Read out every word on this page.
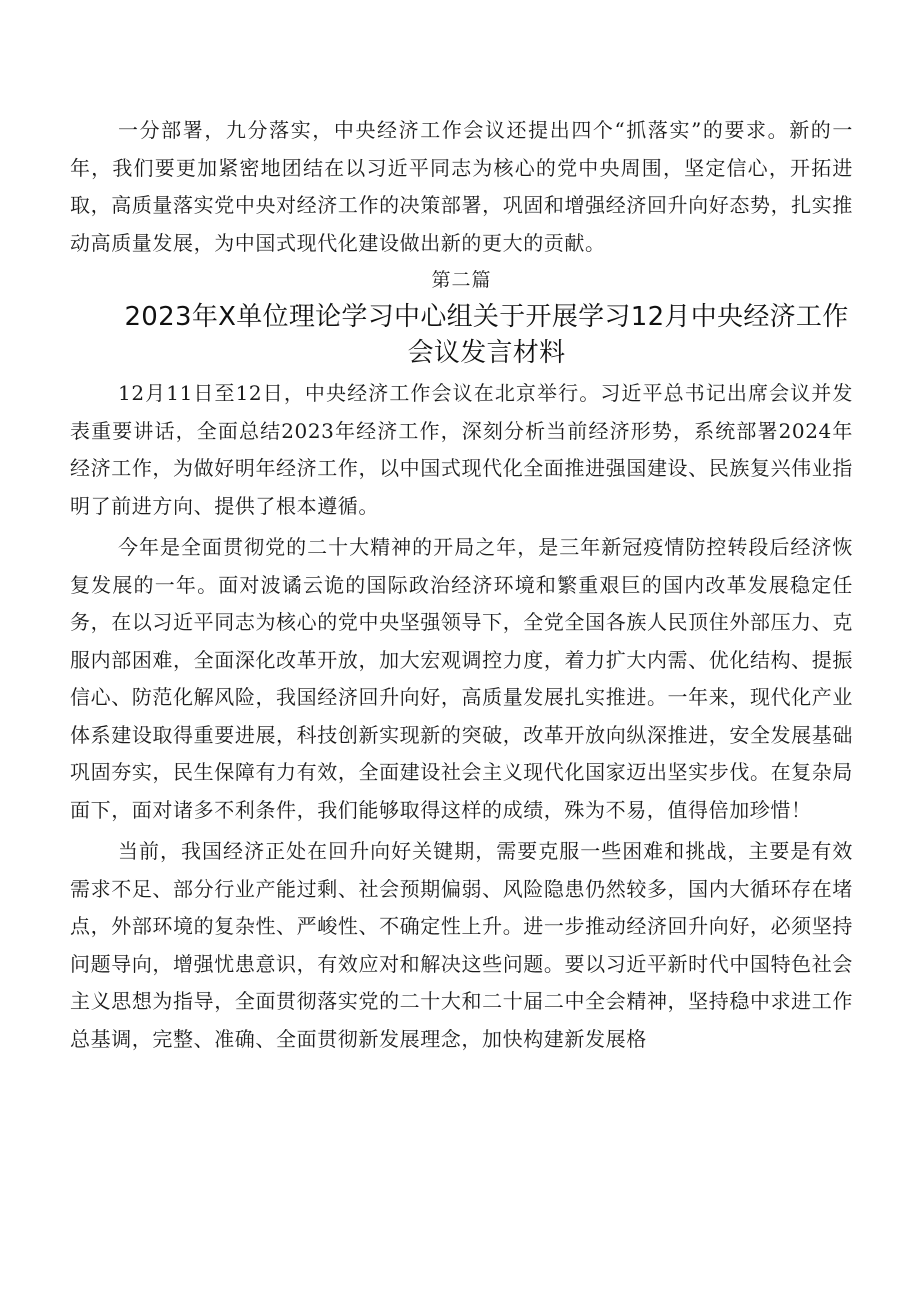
一分部署，九分落实，中央经济工作会议还提出四个“抓落实”的要求。新的一年，我们要更加紧密地团结在以习近平同志为核心的党中央周围，坚定信心，开拓进取，高质量落实党中央对经济工作的决策部署，巩固和增强经济回升向好态势，扎实推动高质量发展，为中国式现代化建设做出新的更大的贡献。

第二篇

2023年X单位理论学习中心组关于开展学习12月中央经济工作会议发言材料

12月11日至12日，中央经济工作会议在北京举行。习近平总书记出席会议并发表重要讲话，全面总结2023年经济工作，深刻分析当前经济形势，系统部署2024年经济工作，为做好明年经济工作，以中国式现代化全面推进强国建设、民族复兴伟业指明了前进方向、提供了根本遵循。

今年是全面贯彻党的二十大精神的开局之年，是三年新冠疫情防控转段后经济恢复发展的一年。面对波谲云诡的国际政治经济环境和繁重艰巨的国内改革发展稳定任务，在以习近平同志为核心的党中央坚强领导下，全党全国各族人民顶住外部压力、克服内部困难，全面深化改革开放，加大宏观调控力度，着力扩大内需、优化结构、提振信心、防范化解风险，我国经济回升向好，高质量发展扎实推进。一年来，现代化产业体系建设取得重要进展，科技创新实现新的突破，改革开放向纵深推进，安全发展基础巩固夯实，民生保障有力有效，全面建设社会主义现代化国家迈出坚实步伐。在复杂局面下，面对诸多不利条件，我们能够取得这样的成绩，殊为不易，值得倍加珍惜！

当前，我国经济正处在回升向好关键期，需要克服一些困难和挑战，主要是有效需求不足、部分行业产能过剩、社会预期偏弱、风险隐患仍然较多，国内大循环存在堵点，外部环境的复杂性、严峻性、不确定性上升。进一步推动经济回升向好，必须坚持问题导向，增强忧患意识，有效应对和解决这些问题。要以习近平新时代中国特色社会主义思想为指导，全面贯彻落实党的二十大和二十届二中全会精神，坚持稳中求进工作总基调，完整、准确、全面贯彻新发展理念，加快构建新发展格
